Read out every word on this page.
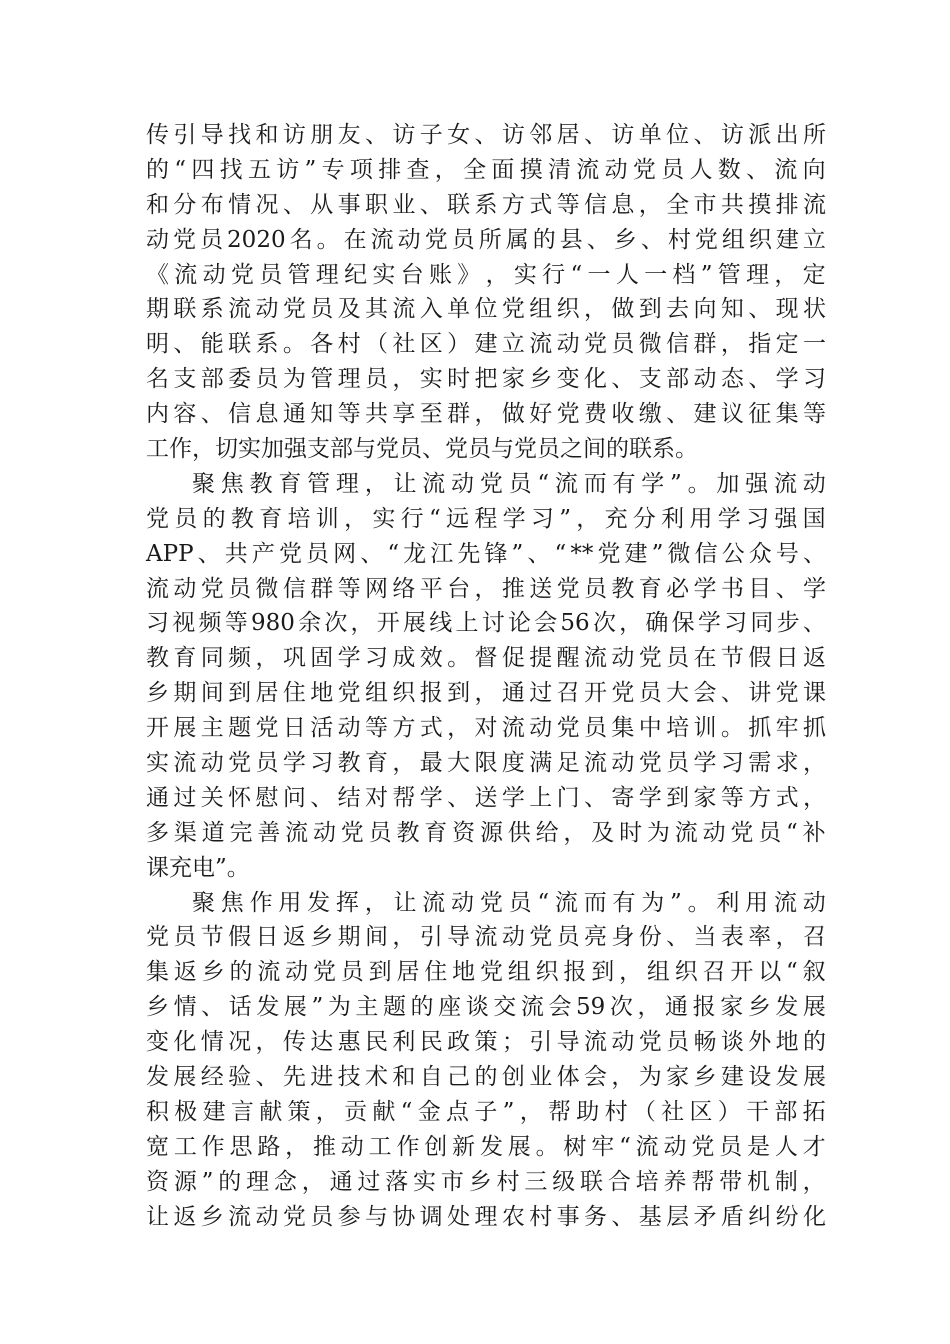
传 引 导 找 和 访 朋 友 、 访 子 女 、 访 邻 居 、 访 单 位 、 访 派 出 所
的 “ 四 找 五 访 ” 专 项 排 查 ， 全 面 摸 清 流 动 党 员 人 数 、 流 向
和 分 布 情 况 、 从 事 职 业 、 联 系 方 式 等 信 息 ， 全 市 共 摸 排 流
动 党 员 2020 名 。 在 流 动 党 员 所 属 的 县 、 乡 、 村 党 组 织 建 立
《 流 动 党 员 管 理 纪 实 台 账 》 ， 实 行 “ 一 人 一 档 ” 管 理 ， 定
期 联 系 流 动 党 员 及 其 流 入 单 位 党 组 织 ， 做 到 去 向 知 、 现 状
明 、 能 联 系 。 各 村 （ 社 区 ） 建 立 流 动 党 员 微 信 群 ， 指 定 一
名 支 部 委 员 为 管 理 员 ， 实 时 把 家 乡 变 化 、 支 部 动 态 、 学 习
内 容 、 信 息 通 知 等 共 享 至 群 ， 做 好 党 费 收 缴 、 建 议 征 集 等
工作，切实加强支部与党员、党员与党员之间的联系。
聚 焦 教 育 管 理 ， 让 流 动 党 员 “ 流 而 有 学 ” 。 加 强 流 动
党 员 的 教 育 培 训 ， 实 行 “ 远 程 学 习 ” ， 充 分 利 用 学 习 强 国
APP 、 共 产 党 员 网 、 “ 龙 江 先 锋 ” 、 “ ** 党 建 ” 微 信 公 众 号 、
流 动 党 员 微 信 群 等 网 络 平 台 ， 推 送 党 员 教 育 必 学 书 目 、 学
习 视 频 等 980 余 次 ， 开 展 线 上 讨 论 会 56 次 ， 确 保 学 习 同 步 、
教 育 同 频 ， 巩 固 学 习 成 效 。 督 促 提 醒 流 动 党 员 在 节 假 日 返
乡 期 间 到 居 住 地 党 组 织 报 到 ， 通 过 召 开 党 员 大 会 、 讲 党 课
开 展 主 题 党 日 活 动 等 方 式 ， 对 流 动 党 员 集 中 培 训 。 抓 牢 抓
实 流 动 党 员 学 习 教 育 ， 最 大 限 度 满 足 流 动 党 员 学 习 需 求 ，
通 过 关 怀 慰 问 、 结 对 帮 学 、 送 学 上 门 、 寄 学 到 家 等 方 式 ，
多 渠 道 完 善 流 动 党 员 教 育 资 源 供 给 ， 及 时 为 流 动 党 员 “ 补
课充电”。
聚 焦 作 用 发 挥 ， 让 流 动 党 员 “ 流 而 有 为 ” 。 利 用 流 动
党 员 节 假 日 返 乡 期 间 ， 引 导 流 动 党 员 亮 身 份 、 当 表 率 ， 召
集 返 乡 的 流 动 党 员 到 居 住 地 党 组 织 报 到 ， 组 织 召 开 以 “ 叙
乡 情 、 话 发 展 ” 为 主 题 的 座 谈 交 流 会 59 次 ， 通 报 家 乡 发 展
变 化 情 况 ， 传 达 惠 民 利 民 政 策 ； 引 导 流 动 党 员 畅 谈 外 地 的
发 展 经 验 、 先 进 技 术 和 自 己 的 创 业 体 会 ， 为 家 乡 建 设 发 展
积 极 建 言 献 策 ， 贡 献 “ 金 点 子 ” ， 帮 助 村 （ 社 区 ） 干 部 拓
宽 工 作 思 路 ， 推 动 工 作 创 新 发 展 。 树 牢 “ 流 动 党 员 是 人 才
资 源 ” 的 理 念 ， 通 过 落 实 市 乡 村 三 级 联 合 培 养 帮 带 机 制 ，
让 返 乡 流 动 党 员 参 与 协 调 处 理 农 村 事 务 、 基 层 矛 盾 纠 纷 化
